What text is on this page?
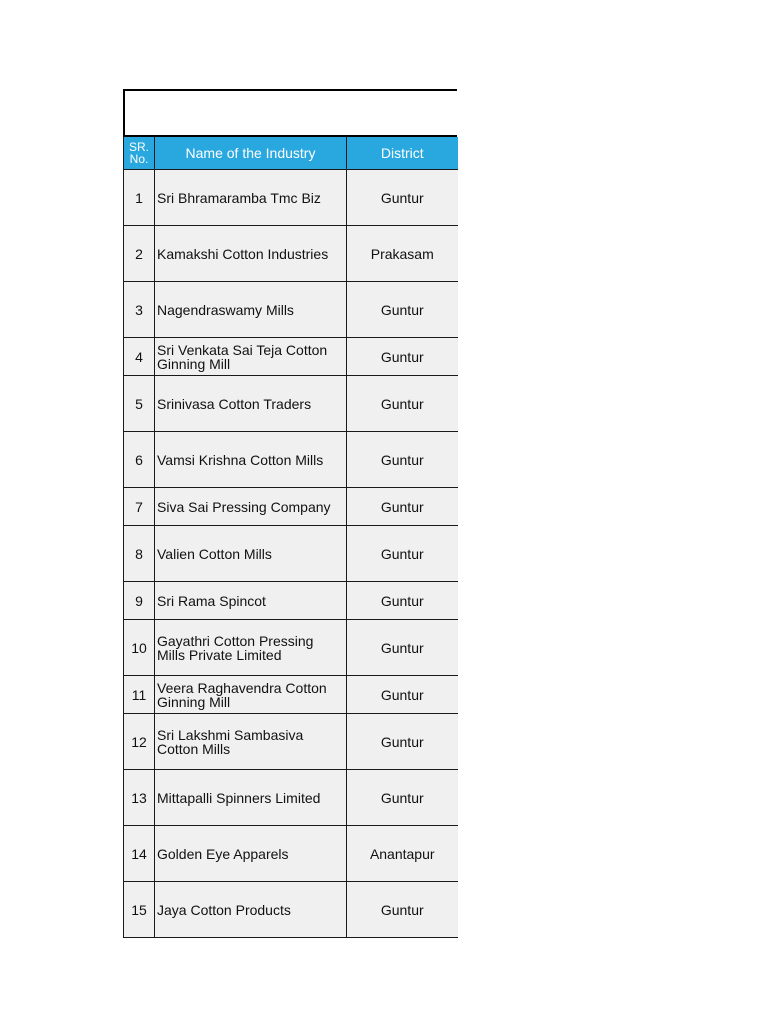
SR. No.	Name of the Industry	District
1	Sri Bhramaramba Tmc Biz	Guntur
2	Kamakshi Cotton Industries	Prakasam
3	Nagendraswamy Mills	Guntur
4	Sri Venkata Sai Teja Cotton Ginning Mill	Guntur
5	Srinivasa Cotton Traders	Guntur
6	Vamsi Krishna Cotton Mills	Guntur
7	Siva Sai Pressing Company	Guntur
8	Valien Cotton Mills	Guntur
9	Sri Rama Spincot	Guntur
10	Gayathri Cotton Pressing Mills Private Limited	Guntur
11	Veera Raghavendra Cotton Ginning Mill	Guntur
12	Sri Lakshmi Sambasiva Cotton Mills	Guntur
13	Mittapalli Spinners Limited	Guntur
14	Golden Eye Apparels	Anantapur
15	Jaya Cotton Products	Guntur
